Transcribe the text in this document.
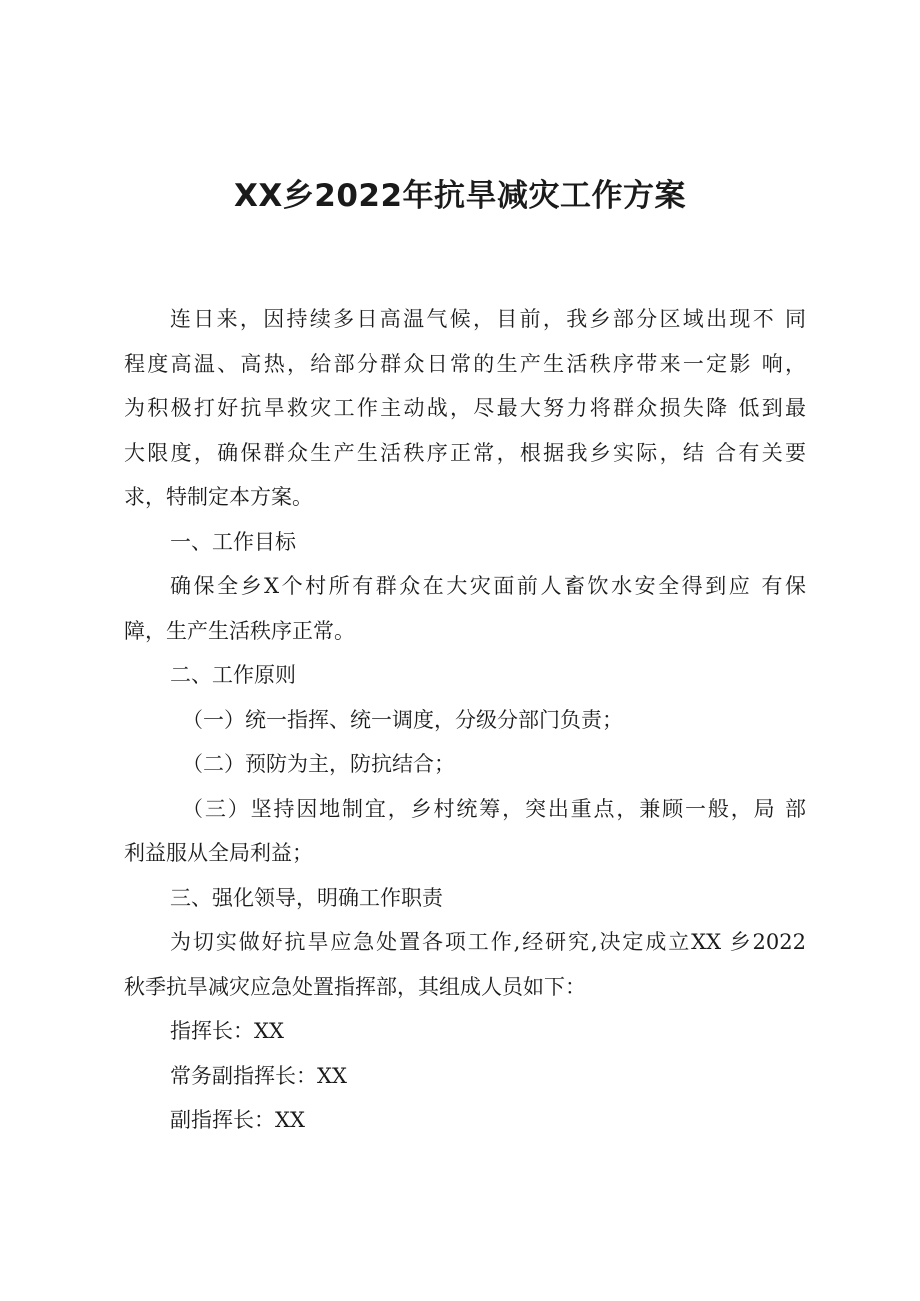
XX乡2022年抗旱减灾工作方案
连日来，因持续多日高温气候，目前，我乡部分区域出现不 同
程度高温、高热，给部分群众日常的生产生活秩序带来一定影 响，
为积极打好抗旱救灾工作主动战，尽最大努力将群众损失降 低到最
大限度，确保群众生产生活秩序正常，根据我乡实际，结 合有关要
求，特制定本方案。
一、工作目标
确保全乡X个村所有群众在大灾面前人畜饮水安全得到应 有保
障，生产生活秩序正常。
二、工作原则
（一）统一指挥、统一调度，分级分部门负责；
（二）预防为主，防抗结合；
（三）坚持因地制宜，乡村统筹，突出重点，兼顾一般，局 部
利益服从全局利益；
三、强化领导，明确工作职责
为切实做好抗旱应急处置各项工作,经研究,决定成立XX 乡2022
秋季抗旱减灾应急处置指挥部，其组成人员如下：
指挥长：XX
常务副指挥长：XX
副指挥长：XX
